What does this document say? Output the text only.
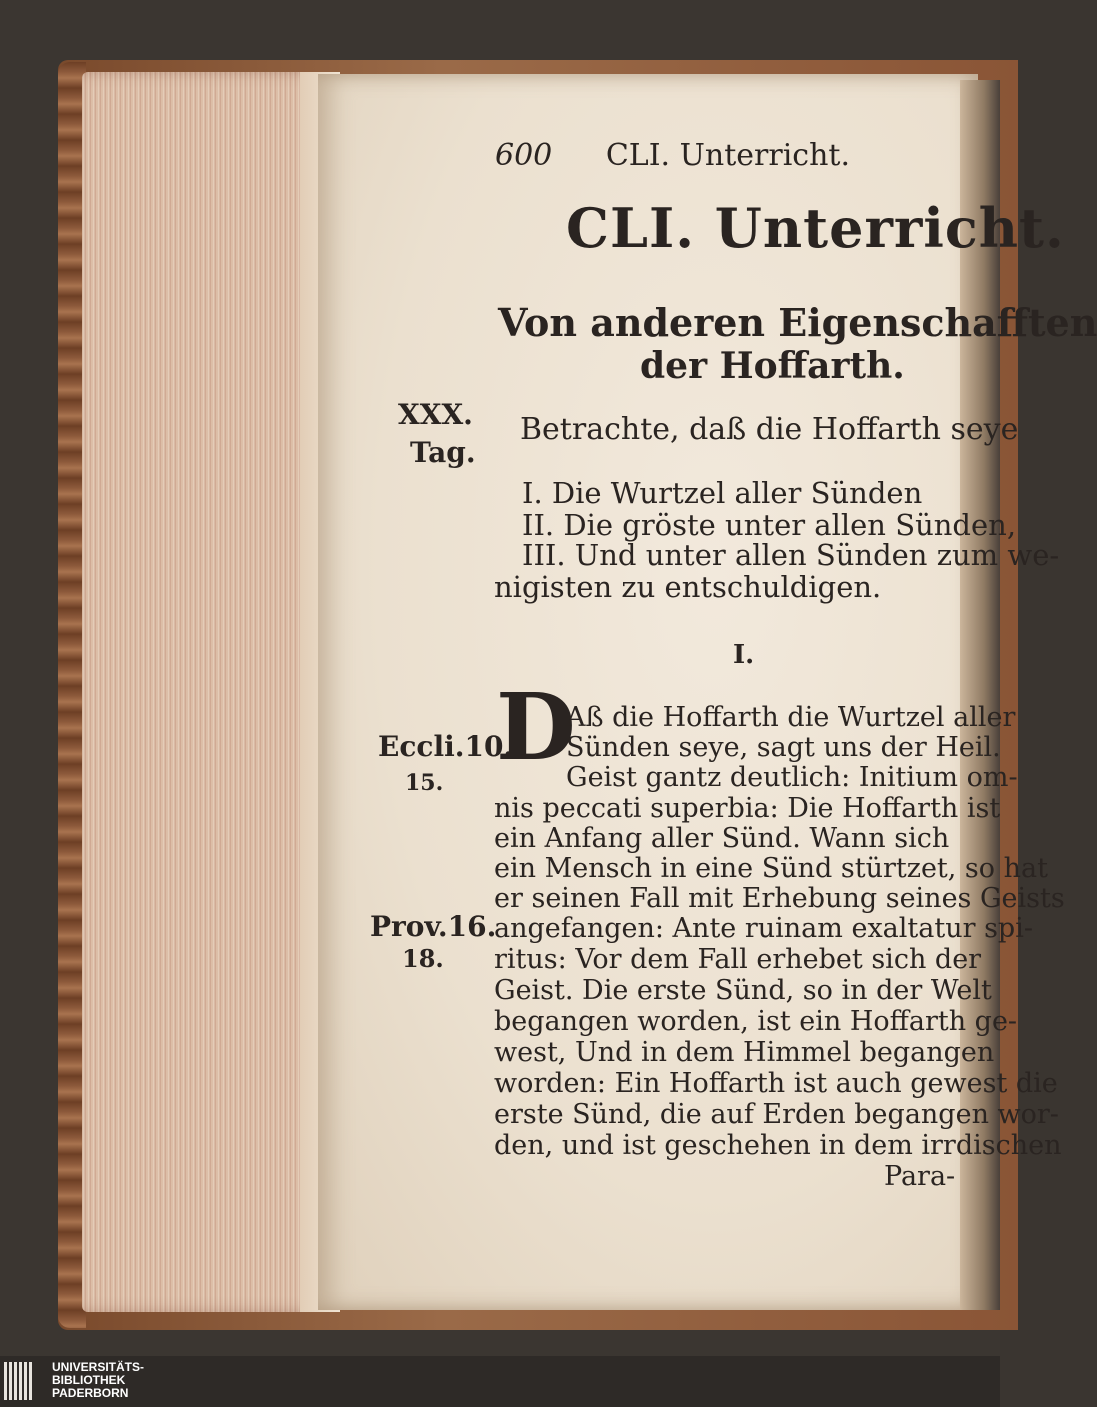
600 CLI. Unterricht.
CLI. Unterricht.
Von anderen Eigenschafften
der Hoffarth.
XXX.
Tag.
Betrachte, daß die Hoffarth seye
I. Die Wurtzel aller Sünden
II. Die gröste unter allen Sünden,
III. Und unter allen Sünden zum we-
nigisten zu entschuldigen.
I.
D
Aß die Hoffarth die Wurtzel aller
Sünden seye, sagt uns der Heil.
Geist gantz deutlich: Initium om-
nis peccati superbia: Die Hoffarth ist
ein Anfang aller Sünd. Wann sich
ein Mensch in eine Sünd stürtzet, so hat
er seinen Fall mit Erhebung seines Geists
angefangen: Ante ruinam exaltatur spi-
ritus: Vor dem Fall erhebet sich der
Geist. Die erste Sünd, so in der Welt
begangen worden, ist ein Hoffarth ge-
west, Und in dem Himmel begangen
worden: Ein Hoffarth ist auch gewest die
erste Sünd, die auf Erden begangen wor-
den, und ist geschehen in dem irrdischen
Para-
Eccli.10.
15.
Prov.16.
18.
UNIVERSITÄTS-
BIBLIOTHEK
PADERBORN
